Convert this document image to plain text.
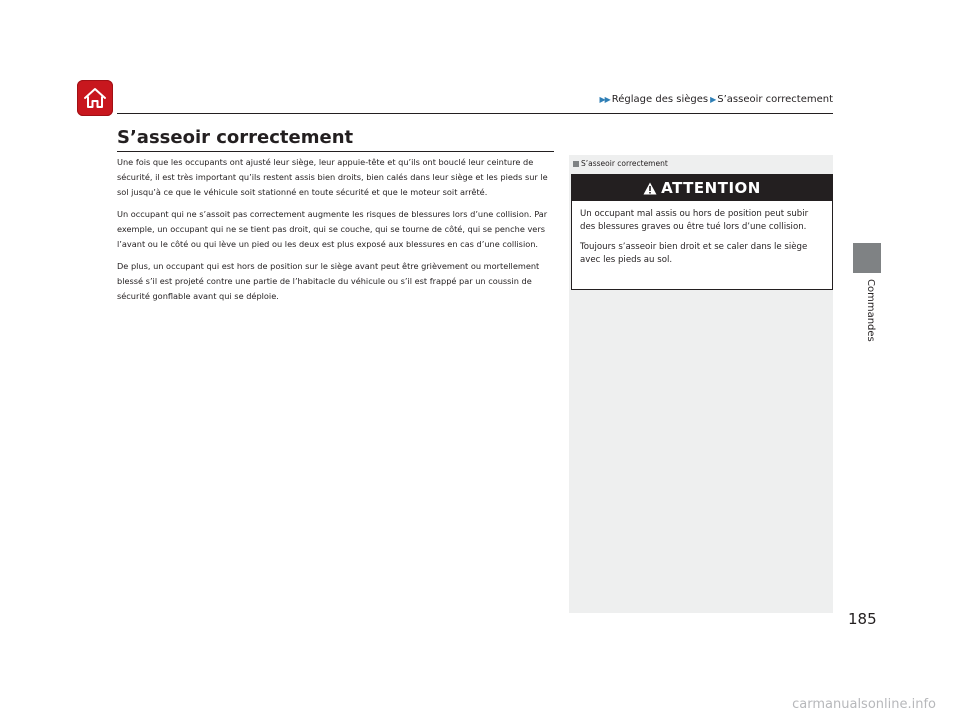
▶▶ Réglage des sièges ▶ S’asseoir correctement
Commandes
S’asseoir correctement

Une fois que les occupants ont ajusté leur siège, leur appuie-tête et qu’ils ont bouclé leur ceinture de sécurité, il est très important qu’ils restent assis bien droits, bien calés dans leur siège et les pieds sur le sol jusqu’à ce que le véhicule soit stationné en toute sécurité et que le moteur soit arrêté.

Un occupant qui ne s’assoit pas correctement augmente les risques de blessures lors d’une collision. Par exemple, un occupant qui ne se tient pas droit, qui se couche, qui se tourne de côté, qui se penche vers l’avant ou le côté ou qui lève un pied ou les deux est plus exposé aux blessures en cas d’une collision.

De plus, un occupant qui est hors de position sur le siège avant peut être grièvement ou mortellement blessé s’il est projeté contre une partie de l’habitacle du véhicule ou s’il est frappé par un coussin de sécurité gonflable avant qui se déploie.

S’asseoir correctement
ATTENTION

Un occupant mal assis ou hors de position peut subir des blessures graves ou être tué lors d’une collision.

Toujours s’asseoir bien droit et se caler dans le siège avec les pieds au sol.

185
carmanualsonline.info
